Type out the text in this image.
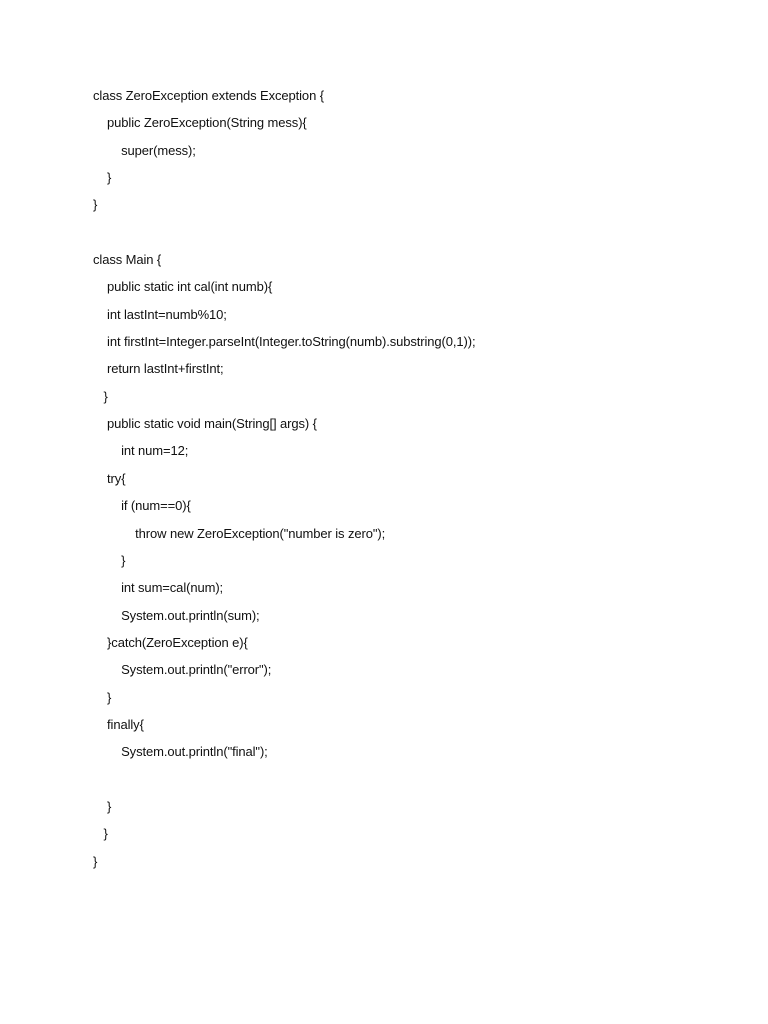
class ZeroException extends Exception {
public ZeroException(String mess){
super(mess);
}
}
class Main {
public static int cal(int numb){
int lastInt=numb%10;
int firstInt=Integer.parseInt(Integer.toString(numb).substring(0,1));
return lastInt+firstInt;
}
public static void main(String[] args) {
int num=12;
try{
if (num==0){
throw new ZeroException("number is zero");
}
int sum=cal(num);
System.out.println(sum);
}catch(ZeroException e){
System.out.println("error");
}
finally{
System.out.println("final");
}
}
}
